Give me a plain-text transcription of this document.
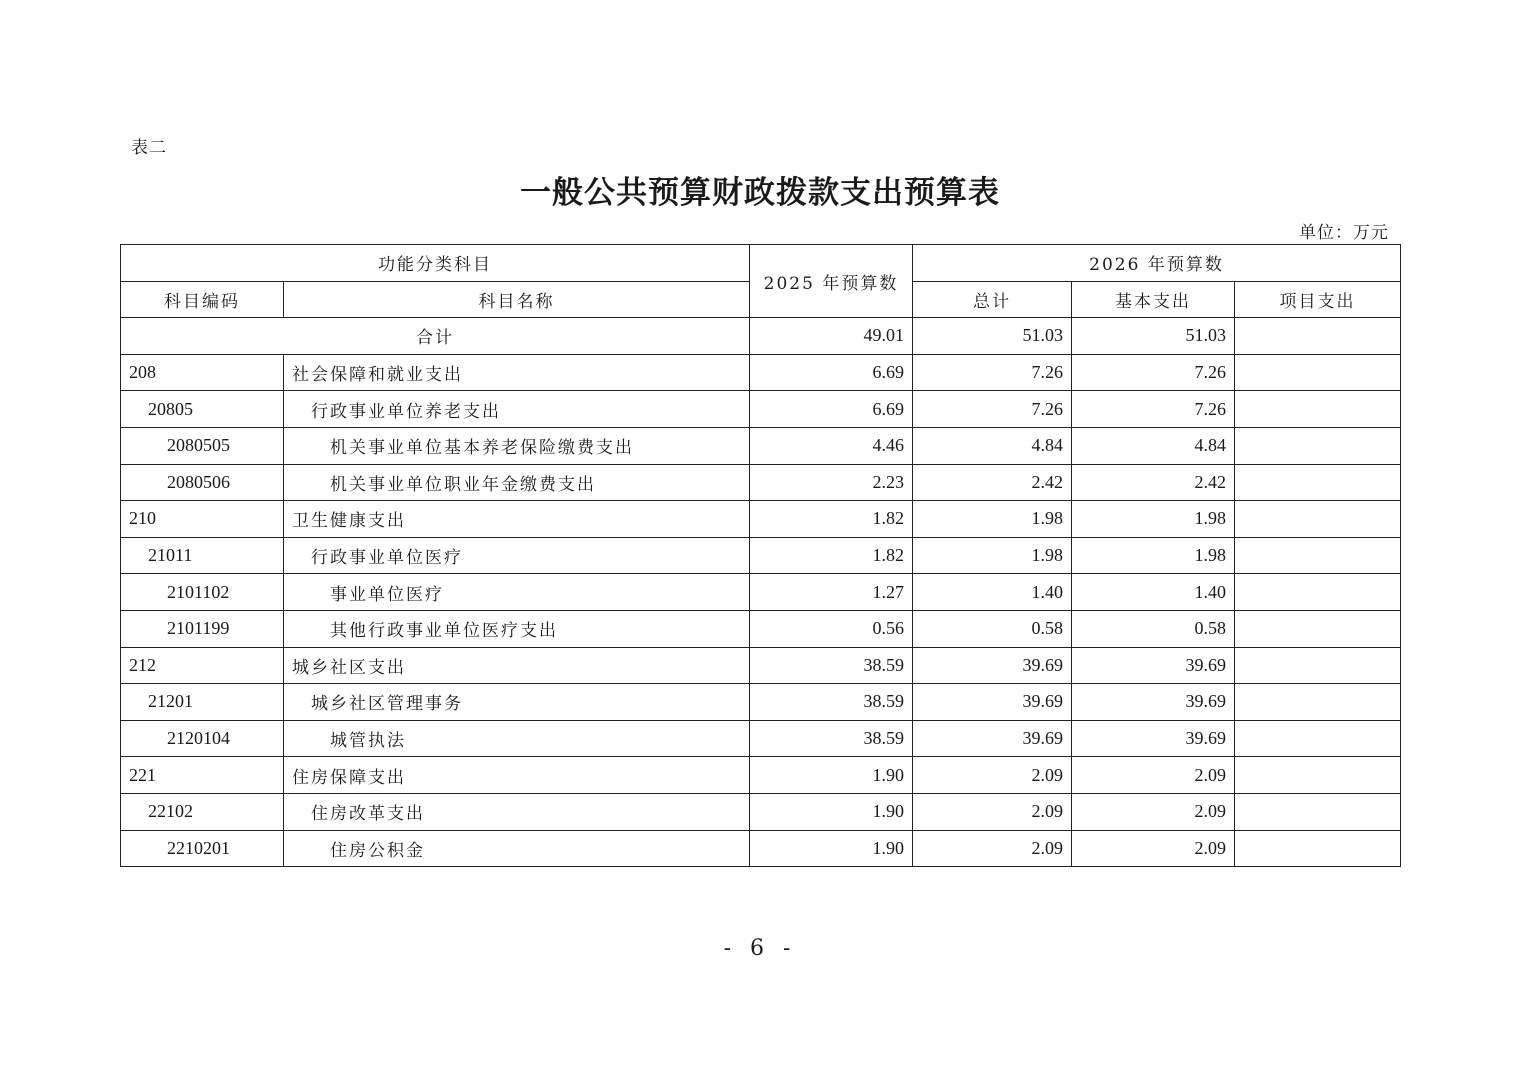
表二
一般公共预算财政拨款支出预算表
单位：万元
功能分类科目		2025 年预算数	2026 年预算数		
科目编码	科目名称		总计	基本支出	项目支出
合计		49.01	51.03	51.03	
208	社会保障和就业支出	6.69	7.26	7.26	
20805	行政事业单位养老支出	6.69	7.26	7.26	
2080505	机关事业单位基本养老保险缴费支出	4.46	4.84	4.84	
2080506	机关事业单位职业年金缴费支出	2.23	2.42	2.42	
210	卫生健康支出	1.82	1.98	1.98	
21011	行政事业单位医疗	1.82	1.98	1.98	
2101102	事业单位医疗	1.27	1.40	1.40	
2101199	其他行政事业单位医疗支出	0.56	0.58	0.58	
212	城乡社区支出	38.59	39.69	39.69	
21201	城乡社区管理事务	38.59	39.69	39.69	
2120104	城管执法	38.59	39.69	39.69	
221	住房保障支出	1.90	2.09	2.09	
22102	住房改革支出	1.90	2.09	2.09	
2210201	住房公积金	1.90	2.09	2.09	
- 6 -
